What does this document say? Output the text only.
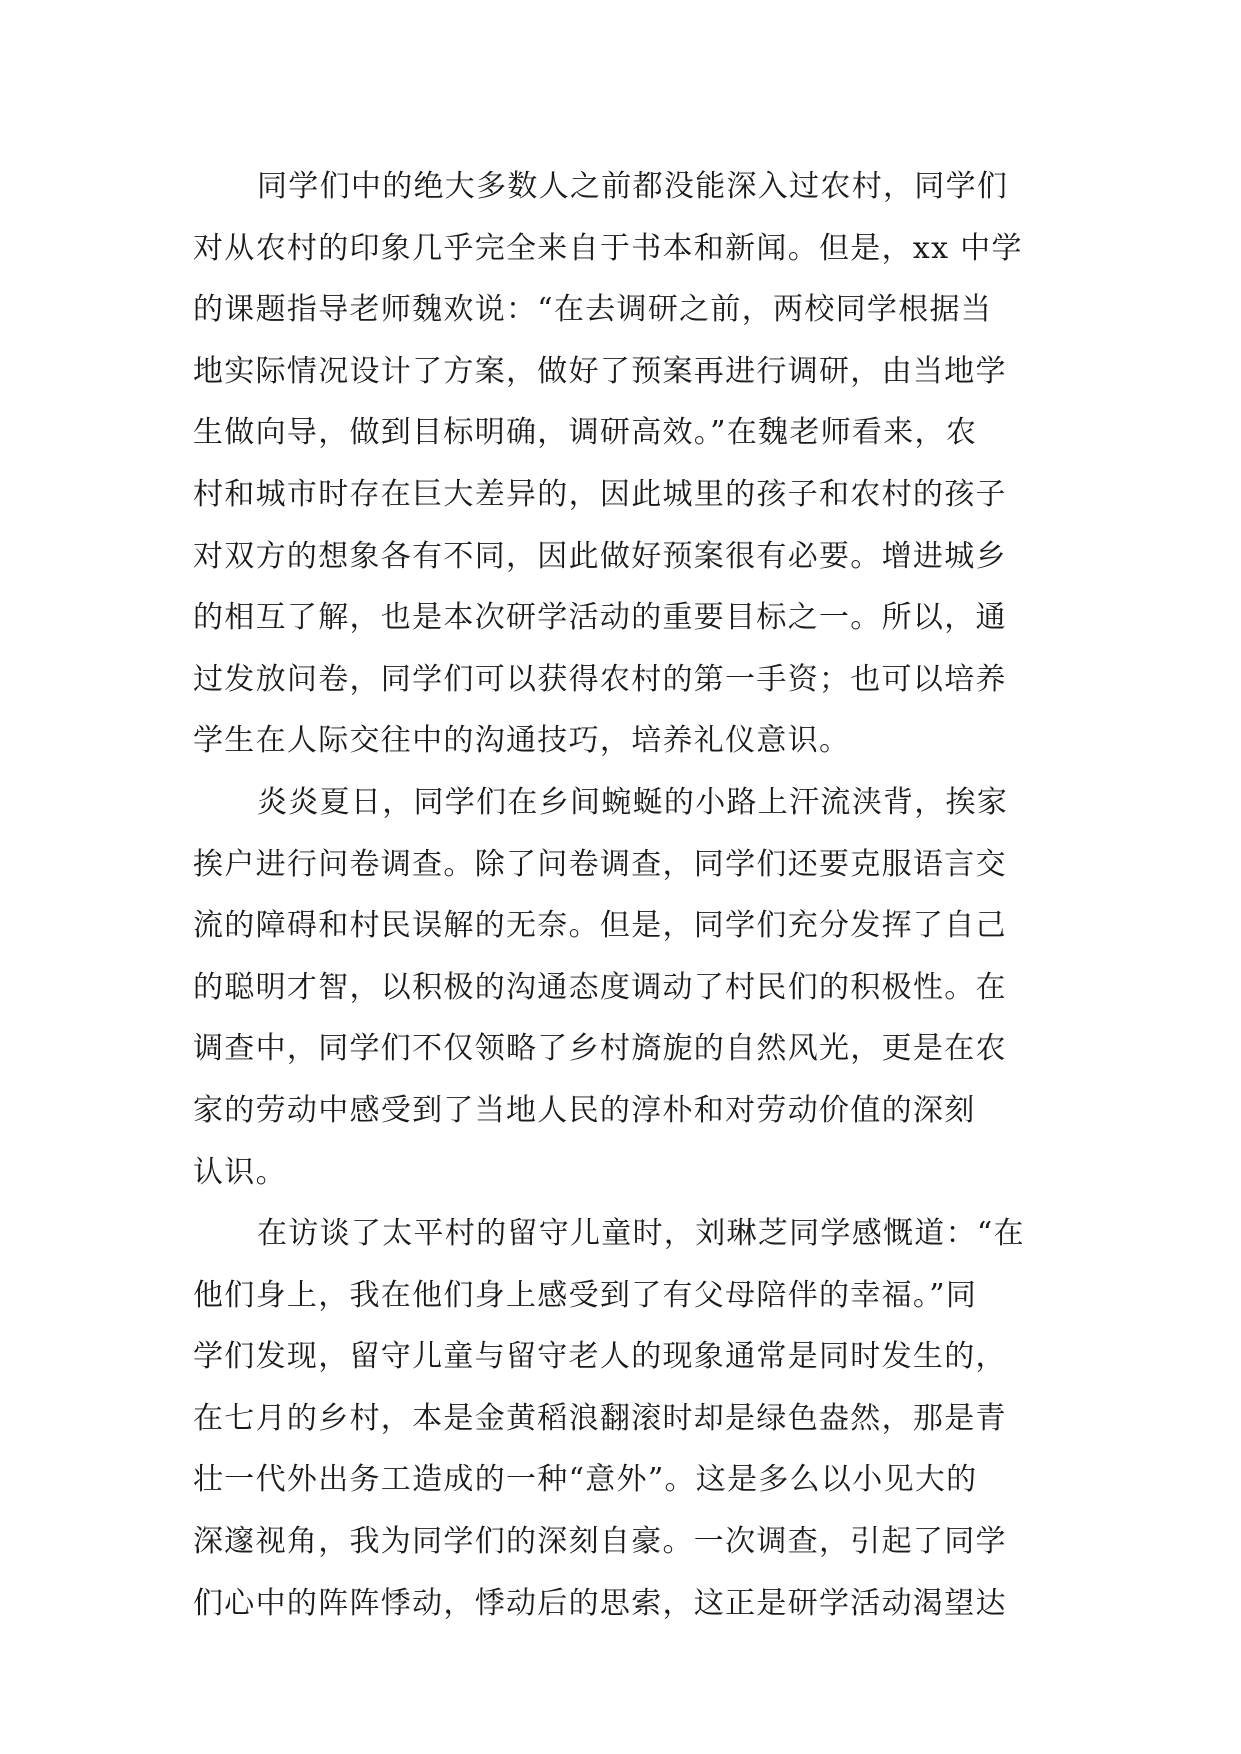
同学们中的绝大多数人之前都没能深入过农村，同学们
对从农村的印象几乎完全来自于书本和新闻。但是，xx 中学
的课题指导老师魏欢说：“在去调研之前，两校同学根据当
地实际情况设计了方案，做好了预案再进行调研，由当地学
生做向导，做到目标明确，调研高效。”在魏老师看来，农
村和城市时存在巨大差异的，因此城里的孩子和农村的孩子
对双方的想象各有不同，因此做好预案很有必要。增进城乡
的相互了解，也是本次研学活动的重要目标之一。所以，通
过发放问卷，同学们可以获得农村的第一手资；也可以培养
学生在人际交往中的沟通技巧，培养礼仪意识。
炎炎夏日，同学们在乡间蜿蜒的小路上汗流浃背，挨家
挨户进行问卷调查。除了问卷调查，同学们还要克服语言交
流的障碍和村民误解的无奈。但是，同学们充分发挥了自己
的聪明才智，以积极的沟通态度调动了村民们的积极性。在
调查中，同学们不仅领略了乡村旖旎的自然风光，更是在农
家的劳动中感受到了当地人民的淳朴和对劳动价值的深刻
认识。
在访谈了太平村的留守儿童时，刘琳芝同学感慨道：“在
他们身上，我在他们身上感受到了有父母陪伴的幸福。”同
学们发现，留守儿童与留守老人的现象通常是同时发生的，
在七月的乡村，本是金黄稻浪翻滚时却是绿色盎然，那是青
壮一代外出务工造成的一种“意外”。这是多么以小见大的
深邃视角，我为同学们的深刻自豪。一次调查，引起了同学
们心中的阵阵悸动，悸动后的思索，这正是研学活动渴望达
